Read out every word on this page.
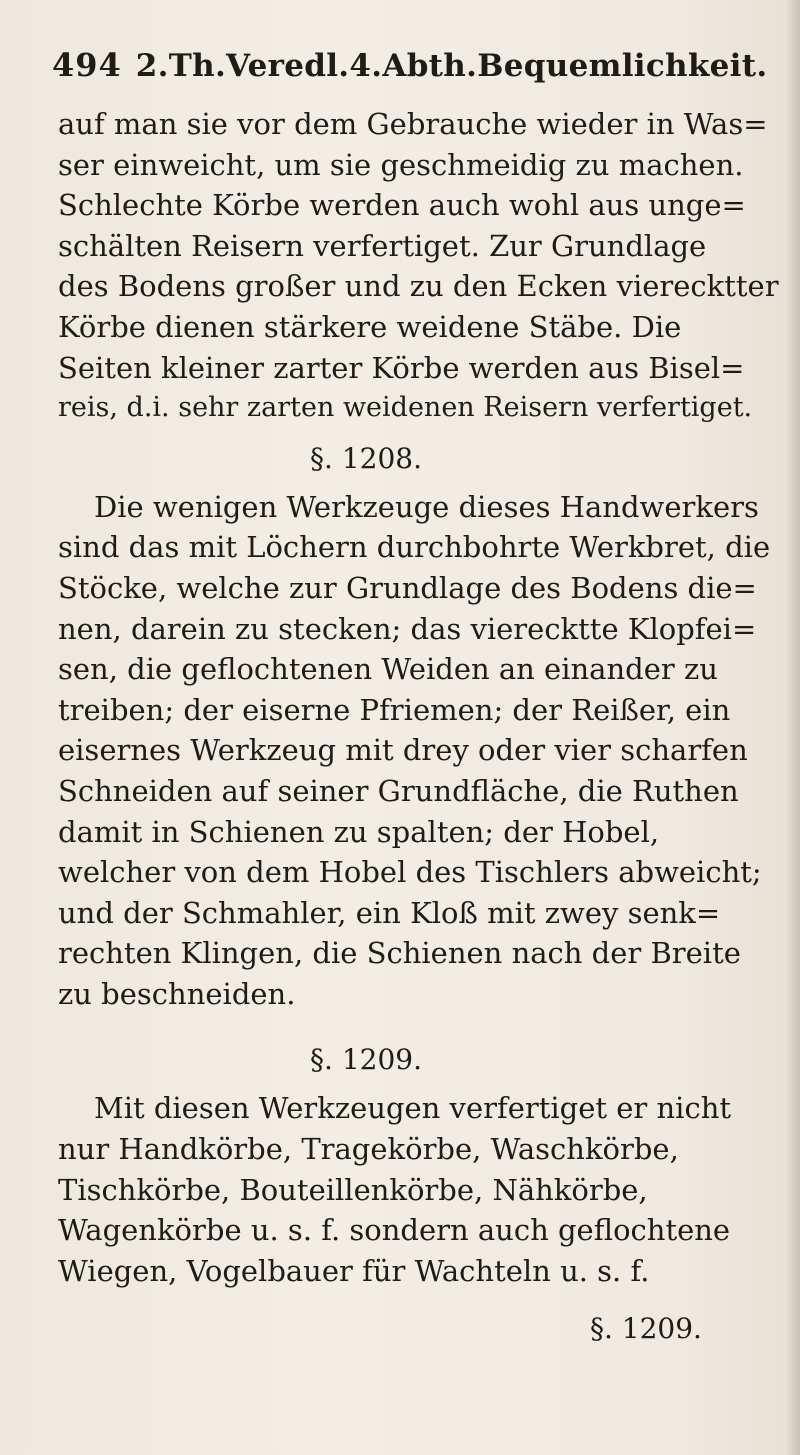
494 2.Th.Veredl.4.Abth.Bequemlichkeit.

auf man sie vor dem Gebrauche wieder in Was=
ser einweicht, um sie geschmeidig zu machen.
Schlechte Körbe werden auch wohl aus unge=
schälten Reisern verfertiget. Zur Grundlage
des Bodens großer und zu den Ecken vierecktter
Körbe dienen stärkere weidene Stäbe. Die
Seiten kleiner zarter Körbe werden aus Bisel=
reis, d.i. sehr zarten weidenen Reisern verfertiget.

§. 1208.

Die wenigen Werkzeuge dieses Handwerkers
sind das mit Löchern durchbohrte Werkbret, die
Stöcke, welche zur Grundlage des Bodens die=
nen, darein zu stecken; das vierecktte Klopfei=
sen, die geflochtenen Weiden an einander zu
treiben; der eiserne Pfriemen; der Reißer, ein
eisernes Werkzeug mit drey oder vier scharfen
Schneiden auf seiner Grundfläche, die Ruthen
damit in Schienen zu spalten; der Hobel,
welcher von dem Hobel des Tischlers abweicht;
und der Schmahler, ein Kloß mit zwey senk=
rechten Klingen, die Schienen nach der Breite
zu beschneiden.

§. 1209.

Mit diesen Werkzeugen verfertiget er nicht
nur Handkörbe, Tragekörbe, Waschkörbe,
Tischkörbe, Bouteillenkörbe, Nähkörbe,
Wagenkörbe u. s. f. sondern auch geflochtene
Wiegen, Vogelbauer für Wachteln u. s. f.

§. 1209.
